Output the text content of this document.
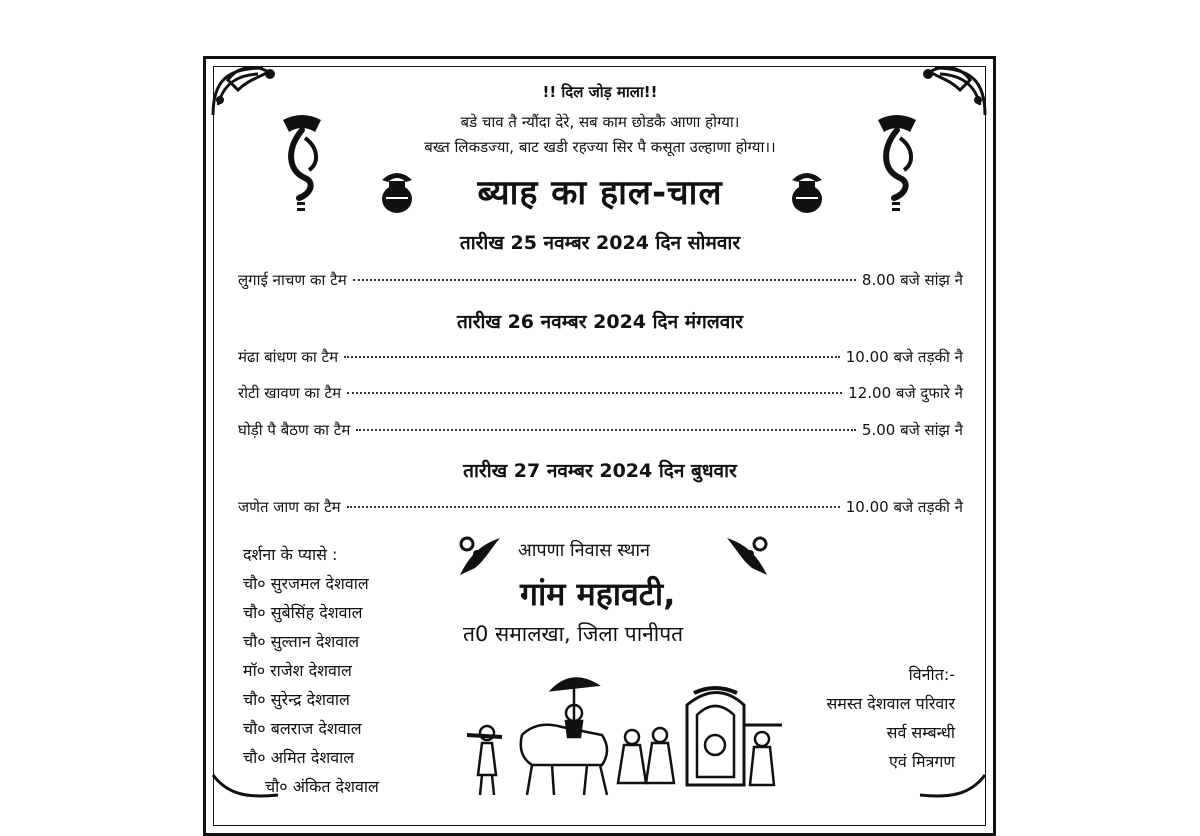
!! दिल जोड़ माला!!
बडे चाव तै न्यौंदा देरे, सब काम छोडकै आणा होग्या।
बख्त लिकडज्या, बाट खडी रहज्या सिर पै कसूता उल्हाणा होग्या।।
ब्याह का हाल-चाल
तारीख 25 नवम्बर 2024 दिन सोमवार
लुगाई नाचण का टैम	8.00 बजे सांझ नै
तारीख 26 नवम्बर 2024 दिन मंगलवार
मंढा बांधण का टैम	10.00 बजे तड़की नै
रोटी खावण का टैम	12.00 बजे दुफारे नै
घोड़ी पै बैठण का टैम	5.00 बजे सांझ नै
तारीख 27 नवम्बर 2024 दिन बुधवार
जणेत जाण का टैम	10.00 बजे तड़की नै
दर्शना के प्यासे :
चौ० सुरजमल देशवाल
चौ० सुबेसिंह देशवाल
चौ० सुल्तान देशवाल
मॉ० राजेश देशवाल
चौ० सुरेन्द्र देशवाल
चौ० बलराज देशवाल
चौ० अमित देशवाल
चौ० अंकित देशवाल
आपणा निवास स्थान
गांम महावटी,
त0 समालखा, जिला पानीपत
विनीत:-
समस्त देशवाल परिवार
सर्व सम्बन्धी
एवं मित्रगण
